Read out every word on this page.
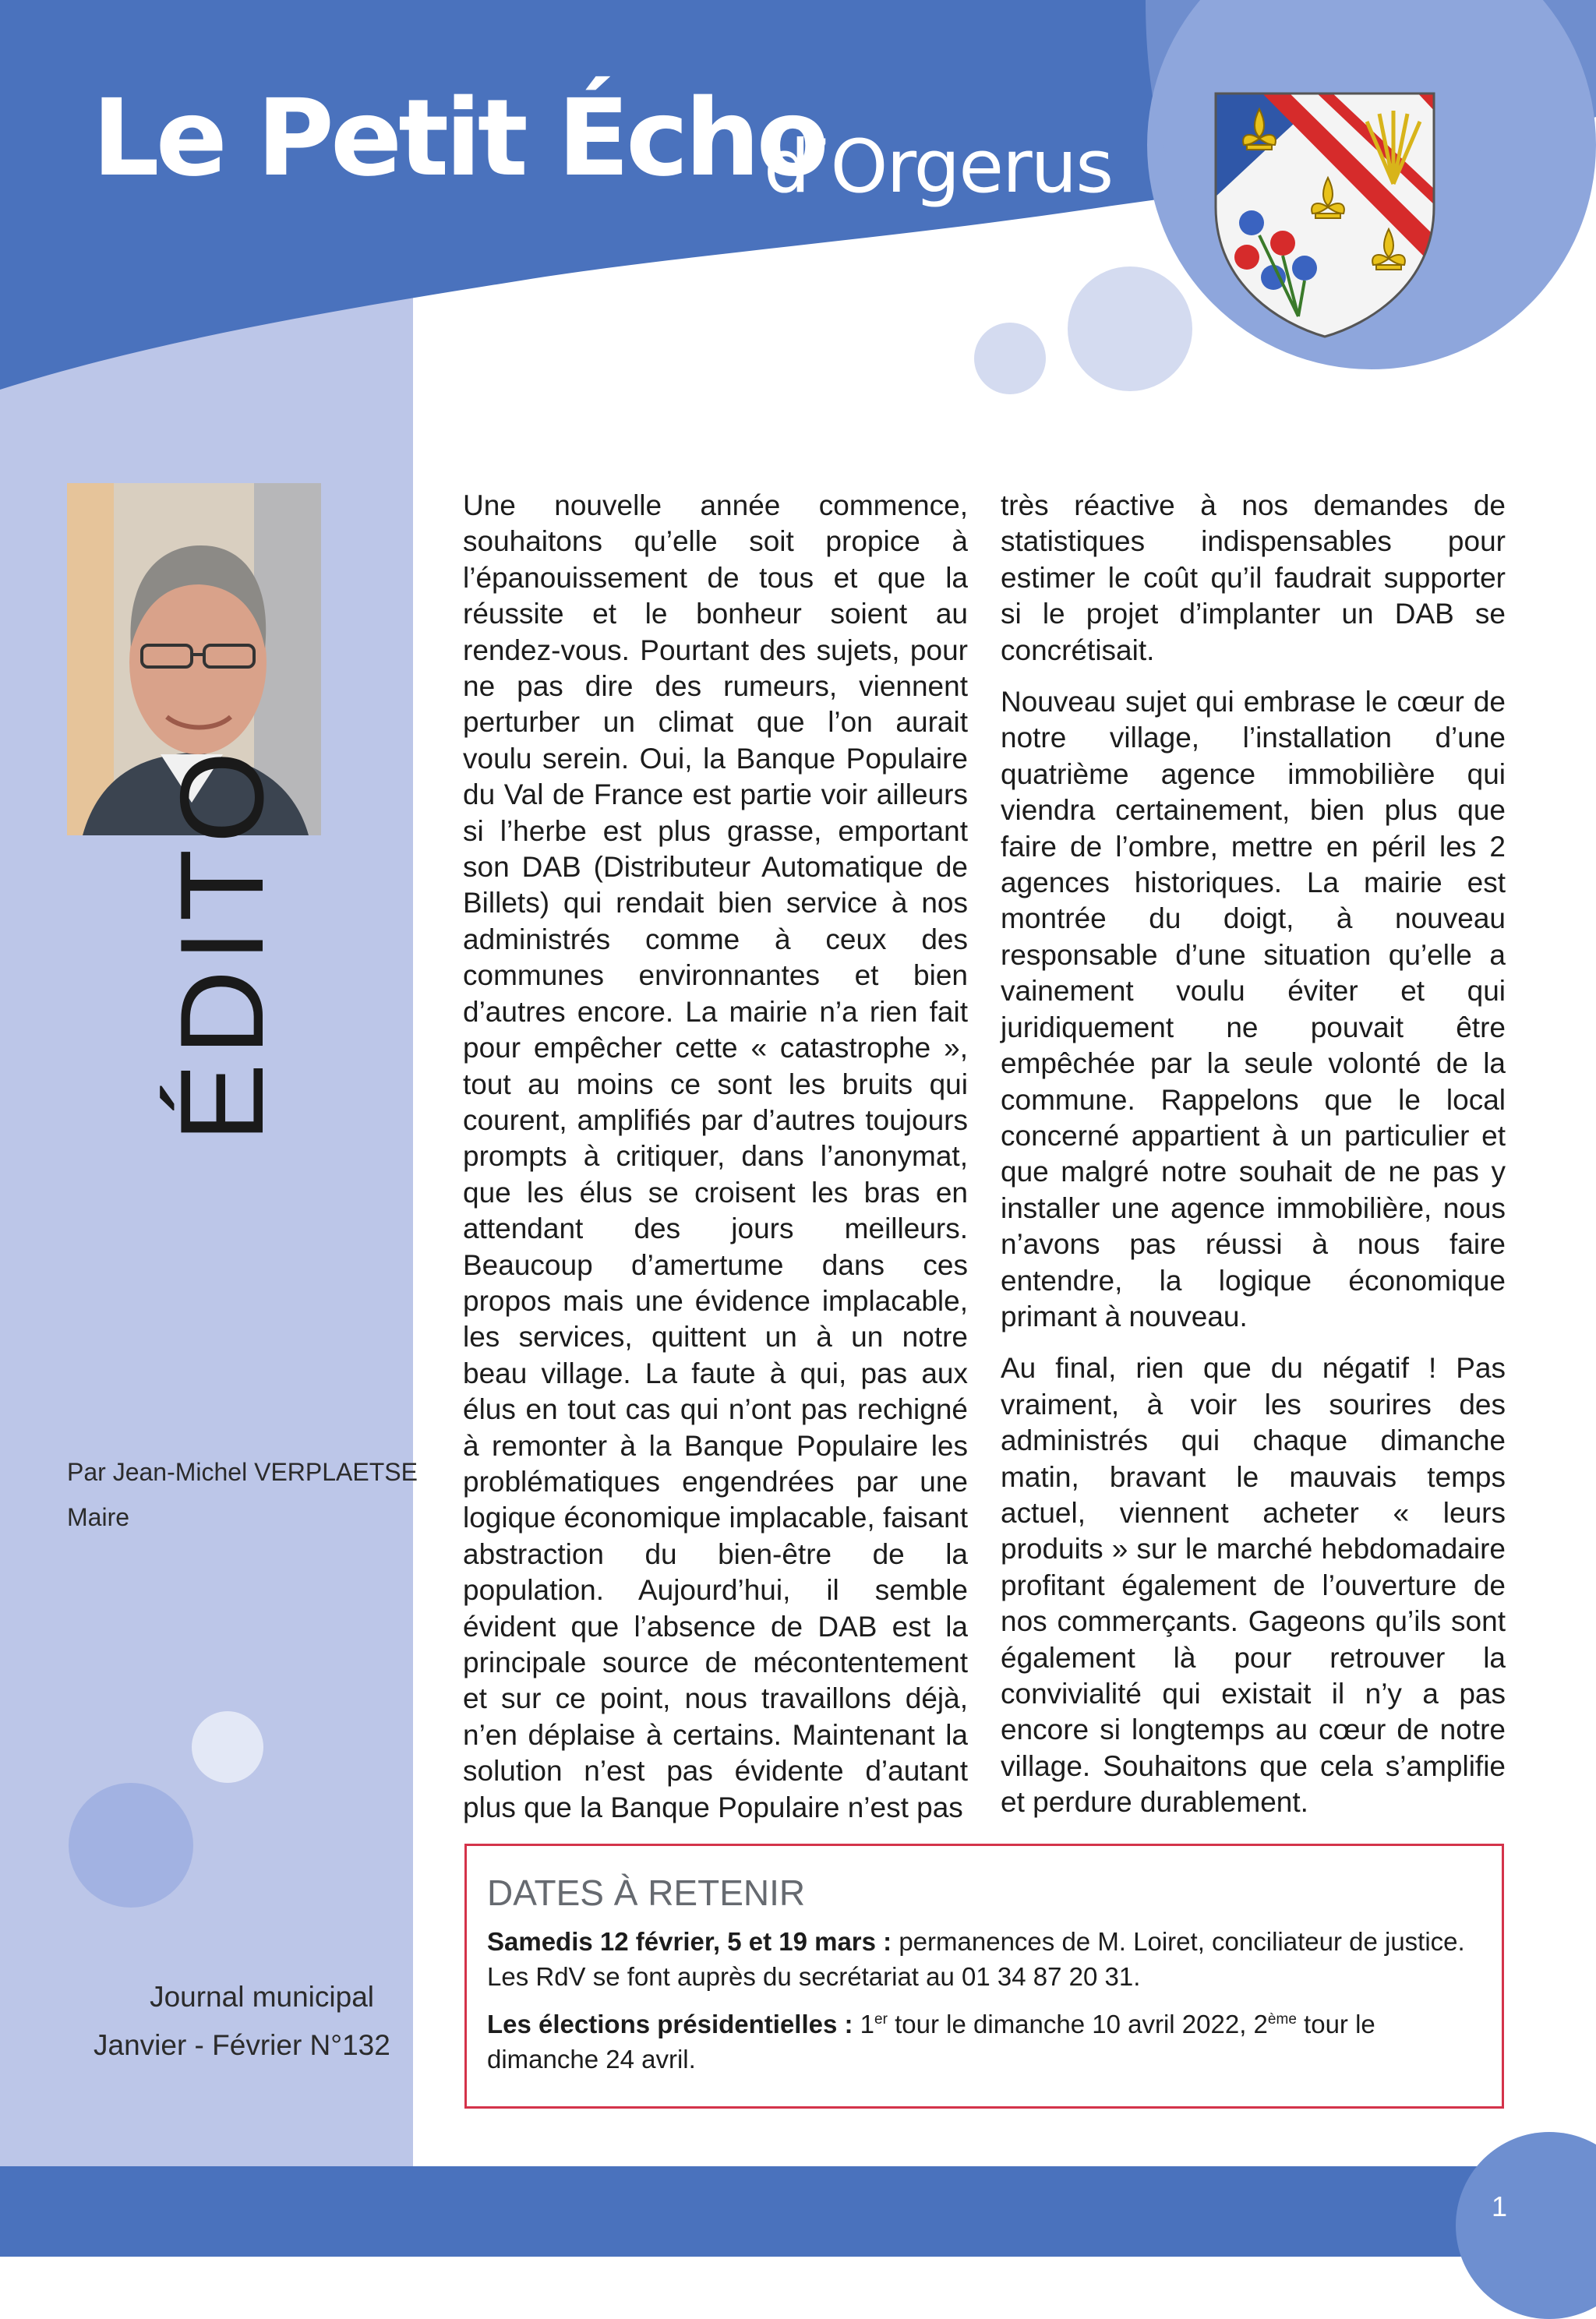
Le Petit Écho
d’Orgerus
ÉDITO
Par Jean-Michel VERPLAETSE
Maire
Journal municipal
Janvier - Février N°132

Une nouvelle année commence, souhaitons qu’elle soit propice à l’épanouissement de tous et que la réussite et le bonheur soient au rendez-vous. Pourtant des sujets, pour ne pas dire des rumeurs, viennent perturber un climat que l’on aurait voulu serein. Oui, la Banque Populaire du Val de France est partie voir ailleurs si l’herbe est plus grasse, emportant son DAB (Distributeur Automatique de Billets) qui rendait bien service à nos administrés comme à ceux des communes environnantes et bien d’autres encore. La mairie n’a rien fait pour empêcher cette « catastrophe », tout au moins ce sont les bruits qui courent, amplifiés par d’autres toujours prompts à critiquer, dans l’anonymat, que les élus se croisent les bras en attendant des jours meilleurs. Beaucoup d’amertume dans ces propos mais une évidence implacable, les services, quittent un à un notre beau village. La faute à qui, pas aux élus en tout cas qui n’ont pas rechigné à remonter à la Banque Populaire les problématiques engendrées par une logique économique implacable, faisant abstraction du bien-être de la population. Aujourd’hui, il semble évident que l’absence de DAB est la principale source de mécontentement et sur ce point, nous travaillons déjà, n’en déplaise à certains. Maintenant la solution n’est pas évidente d’autant plus que la Banque Populaire n’est pas

très réactive à nos demandes de statistiques indispensables pour estimer le coût qu’il faudrait supporter si le projet d’implanter un DAB se concrétisait.

Nouveau sujet qui embrase le cœur de notre village, l’installation d’une quatrième agence immobilière qui viendra certainement, bien plus que faire de l’ombre, mettre en péril les 2 agences historiques. La mairie est montrée du doigt, à nouveau responsable d’une situation qu’elle a vainement voulu éviter et qui juridiquement ne pouvait être empêchée par la seule volonté de la commune. Rappelons que le local concerné appartient à un particulier et que malgré notre souhait de ne pas y installer une agence immobilière, nous n’avons pas réussi à nous faire entendre, la logique économique primant à nouveau.

Au final, rien que du négatif ! Pas vraiment, à voir les sourires des administrés qui chaque dimanche matin, bravant le mauvais temps actuel, viennent acheter « leurs produits » sur le marché hebdomadaire profitant également de l’ouverture de nos commerçants. Gageons qu’ils sont également là pour retrouver la convivialité qui existait il n’y a pas encore si longtemps au cœur de notre village. Souhaitons que cela s’amplifie et perdure durablement.

DATES À RETENIR

Samedis 12 février, 5 et 19 mars : permanences de M. Loiret, conciliateur de justice. Les RdV se font auprès du secrétariat au 01 34 87 20 31.

Les élections présidentielles : 1er tour le dimanche 10 avril 2022, 2ème tour le dimanche 24 avril.

1
